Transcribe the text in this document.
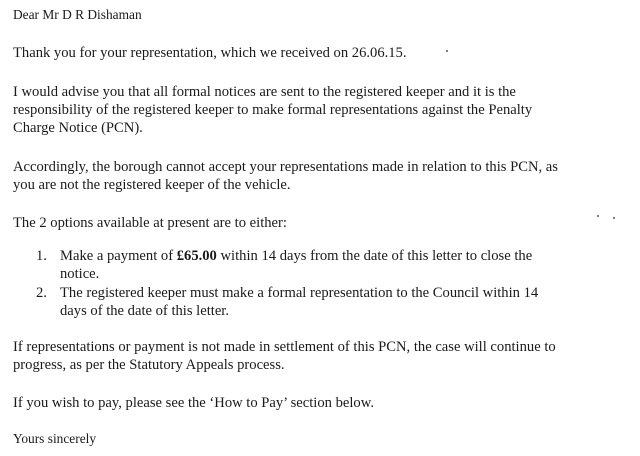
Dear Mr D R Dishaman
Thank you for your representation, which we received on 26.06.15.
I would advise you that all formal notices are sent to the registered keeper and it is the
responsibility of the registered keeper to make formal representations against the Penalty
Charge Notice (PCN).
Accordingly, the borough cannot accept your representations made in relation to this PCN, as
you are not the registered keeper of the vehicle.
The 2 options available at present are to either:
1. Make a payment of £65.00 within 14 days from the date of this letter to close the
notice.
2. The registered keeper must make a formal representation to the Council within 14
days of the date of this letter.
If representations or payment is not made in settlement of this PCN, the case will continue to
progress, as per the Statutory Appeals process.
If you wish to pay, please see the ‘How to Pay’ section below.
Yours sincerely
